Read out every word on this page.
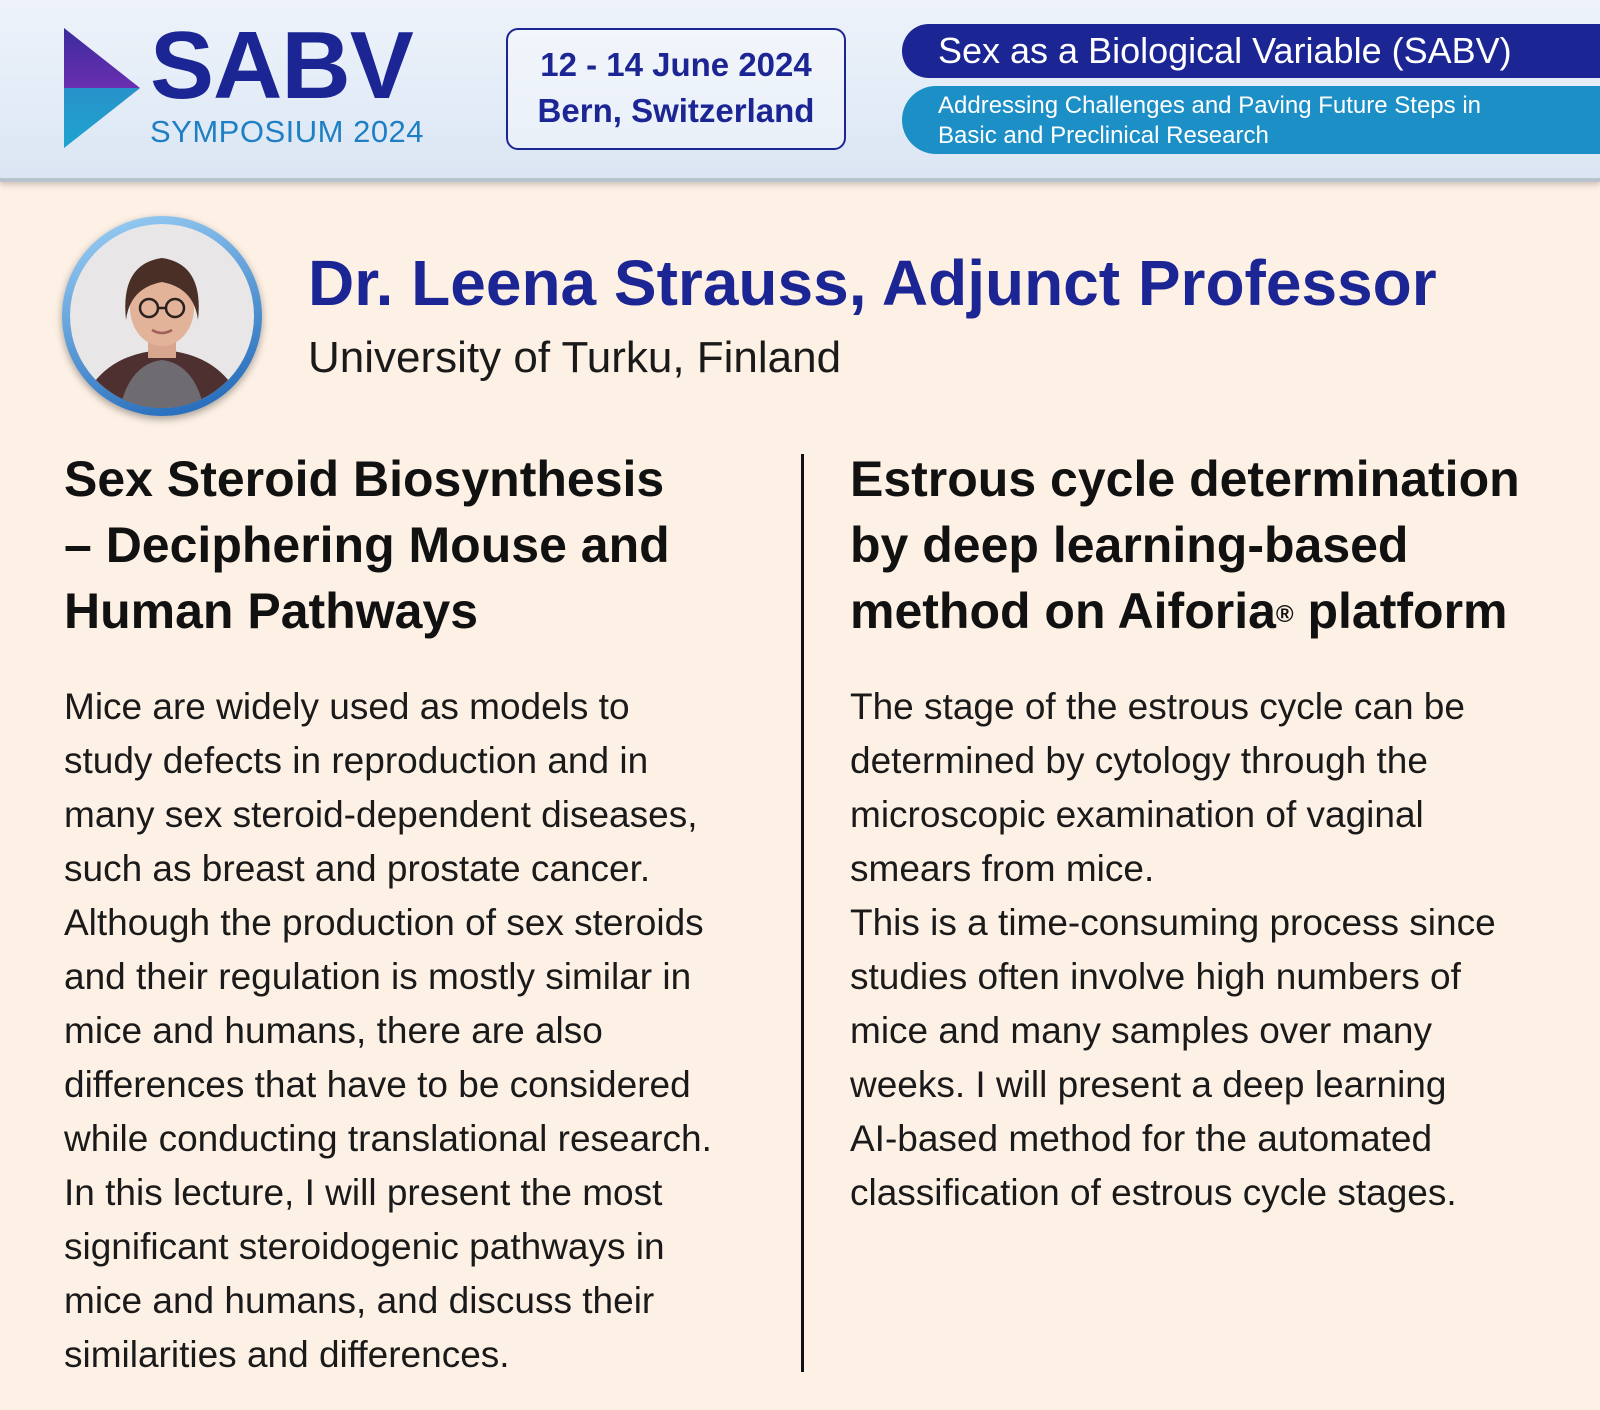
SABV
SYMPOSIUM 2024
12 - 14 June 2024
Bern, Switzerland
Sex as a Biological Variable (SABV)
Addressing Challenges and Paving Future Steps in
Basic and Preclinical Research
Dr. Leena Strauss, Adjunct Professor
University of Turku, Finland
Sex Steroid Biosynthesis
– Deciphering Mouse and
Human Pathways
Mice are widely used as models to
study defects in reproduction and in
many sex steroid-dependent diseases,
such as breast and prostate cancer.
Although the production of sex steroids
and their regulation is mostly similar in
mice and humans, there are also
differences that have to be considered
while conducting translational research.
In this lecture, I will present the most
significant steroidogenic pathways in
mice and humans, and discuss their
similarities and differences.
Estrous cycle determination
by deep learning-based
method on Aiforia® platform
The stage of the estrous cycle can be
determined by cytology through the
microscopic examination of vaginal
smears from mice.
This is a time-consuming process since
studies often involve high numbers of
mice and many samples over many
weeks. I will present a deep learning
AI-based method for the automated
classification of estrous cycle stages.
